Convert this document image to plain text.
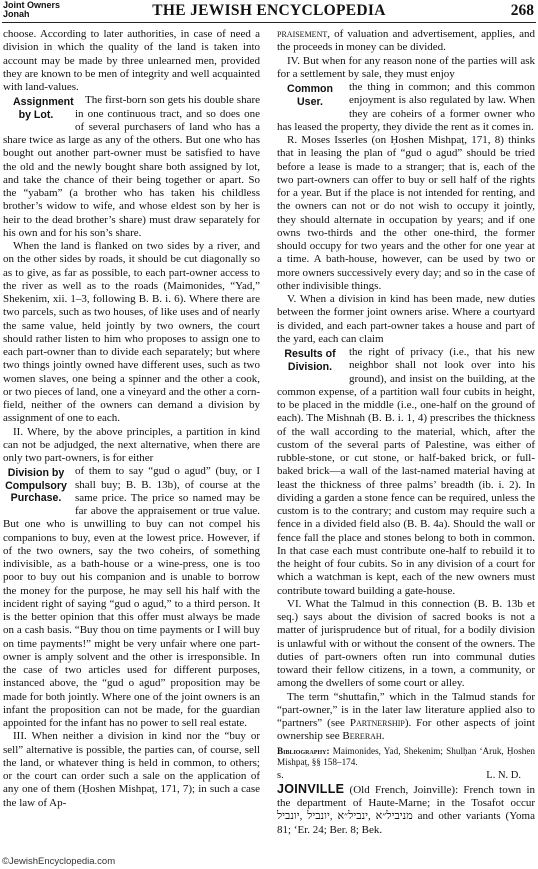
Joint Owners
Jonah	THE JEWISH ENCYCLOPEDIA	268

choose. According to later authorities, in case of need a division in which the quality of the land is taken into account may be made by three unlearned men, provided they are known to be men of integrity and well acquainted with land-values.

Assignment by Lot.
The first-born son gets his double share in one continuous tract, and so does one of several purchasers of land who has a share twice as large as any of the others. But one who has bought out another part-owner must be satisfied to have the old and the newly bought share both assigned by lot, and take the chance of their being together or apart. So the “yabam” (a brother who has taken his childless brother’s widow to wife, and whose eldest son by her is heir to the dead brother’s share) must draw separately for his own and for his son’s share.

When the land is flanked on two sides by a river, and on the other sides by roads, it should be cut diagonally so as to give, as far as possible, to each part-owner access to the river as well as to the roads (Maimonides, “Yad,” Shekenim, xii. 1–3, following B. B. i. 6). Where there are two parcels, such as two houses, of like uses and of nearly the same value, held jointly by two owners, the court should rather listen to him who proposes to assign one to each part-owner than to divide each separately; but where two things jointly owned have different uses, such as two women slaves, one being a spinner and the other a cook, or two pieces of land, one a vineyard and the other a corn-field, neither of the owners can demand a division by assignment of one to each.

II. Where, by the above principles, a partition in kind can not be adjudged, the next alternative, when there are only two part-owners, is for either

Division by Compulsory Purchase.
of them to say “gud o agud” (buy, or I shall buy; B. B. 13b), of course at the same price. The price so named may be far above the appraisement or true value. But one who is unwilling to buy can not compel his companions to buy, even at the lowest price. However, if of the two owners, say the two coheirs, of something indivisible, as a bath-house or a wine-press, one is too poor to buy out his companion and is unable to borrow the money for the purpose, he may sell his half with the incident right of saying “gud o agud,” to a third person. It is the better opinion that this offer must always be made on a cash basis. “Buy thou on time payments or I will buy on time payments!” might be very unfair where one part-owner is amply solvent and the other is irresponsible. In the case of two articles used for different purposes, instanced above, the “gud o agud” proposition may be made for both jointly. Where one of the joint owners is an infant the proposition can not be made, for the guardian appointed for the infant has no power to sell real estate.

III. When neither a division in kind nor the “buy or sell” alternative is possible, the parties can, of course, sell the land, or whatever thing is held in common, to others; or the court can order such a sale on the application of any one of them (Ḥoshen Mishpaṭ, 171, 7); in such a case the law of Ap-

praisement, of valuation and advertisement, applies, and the proceeds in money can be divided.

IV. But when for any reason none of the parties will ask for a settlement by sale, they must enjoy

Common User.
the thing in common; and this common enjoyment is also regulated by law. When they are coheirs of a former owner who has leased the property, they divide the rent as it comes in.

R. Moses Isserles (on Ḥoshen Mishpaṭ, 171, 8) thinks that in leasing the plan of “gud o agud” should be tried before a lease is made to a stranger; that is, each of the two part-owners can offer to buy or sell half of the rights for a year. But if the place is not intended for renting, and the owners can not or do not wish to occupy it jointly, they should alternate in occupation by years; and if one owns two-thirds and the other one-third, the former should occupy for two years and the other for one year at a time. A bath-house, however, can be used by two or more owners successively every day; and so in the case of other indivisible things.

V. When a division in kind has been made, new duties between the former joint owners arise. Where a courtyard is divided, and each part-owner takes a house and part of the yard, each can claim

Results of Division.
the right of privacy (i.e., that his new neighbor shall not look over into his ground), and insist on the building, at the common expense, of a partition wall four cubits in height, to be placed in the middle (i.e., one-half on the ground of each). The Mishnah (B. B. i. 1, 4) prescribes the thickness of the wall according to the material, which, after the custom of the several parts of Palestine, was either of rubble-stone, or cut stone, or half-baked brick, or full-baked brick—a wall of the last-named material having at least the thickness of three palms’ breadth (ib. i. 2). In dividing a garden a stone fence can be required, unless the custom is to the contrary; and custom may require such a fence in a divided field also (B. B. 4a). Should the wall or fence fall the place and stones belong to both in common. In that case each must contribute one-half to rebuild it to the height of four cubits. So in any division of a court for which a watchman is kept, each of the new owners must contribute toward building a gate-house.

VI. What the Talmud in this connection (B. B. 13b et seq.) says about the division of sacred books is not a matter of jurisprudence but of ritual, for a bodily division is unlawful with or without the consent of the owners. The duties of part-owners often run into communal duties toward their fellow citizens, in a town, a community, or among the dwellers of some court or alley.

The term “shuttafin,” which in the Talmud stands for “part-owner,” is in the later law literature applied also to “partners” (see Partnership). For other aspects of joint ownership see Bererah.

Bibliography: Maimonides, Yad, Shekenim; Shulḥan ‘Aruk, Ḥoshen Mishpaṭ, §§ 158–174.

s.	L. N. D.

JOINVILLE (Old French, Joinville): French town in the department of Haute-Marne; in the Tosafot occur מניביל״א ,ינביל״א ,יונביל ,יונביל and other variants (Yoma 81; ‘Er. 24; Ber. 8; Bek.

©JewishEncyclopedia.com
